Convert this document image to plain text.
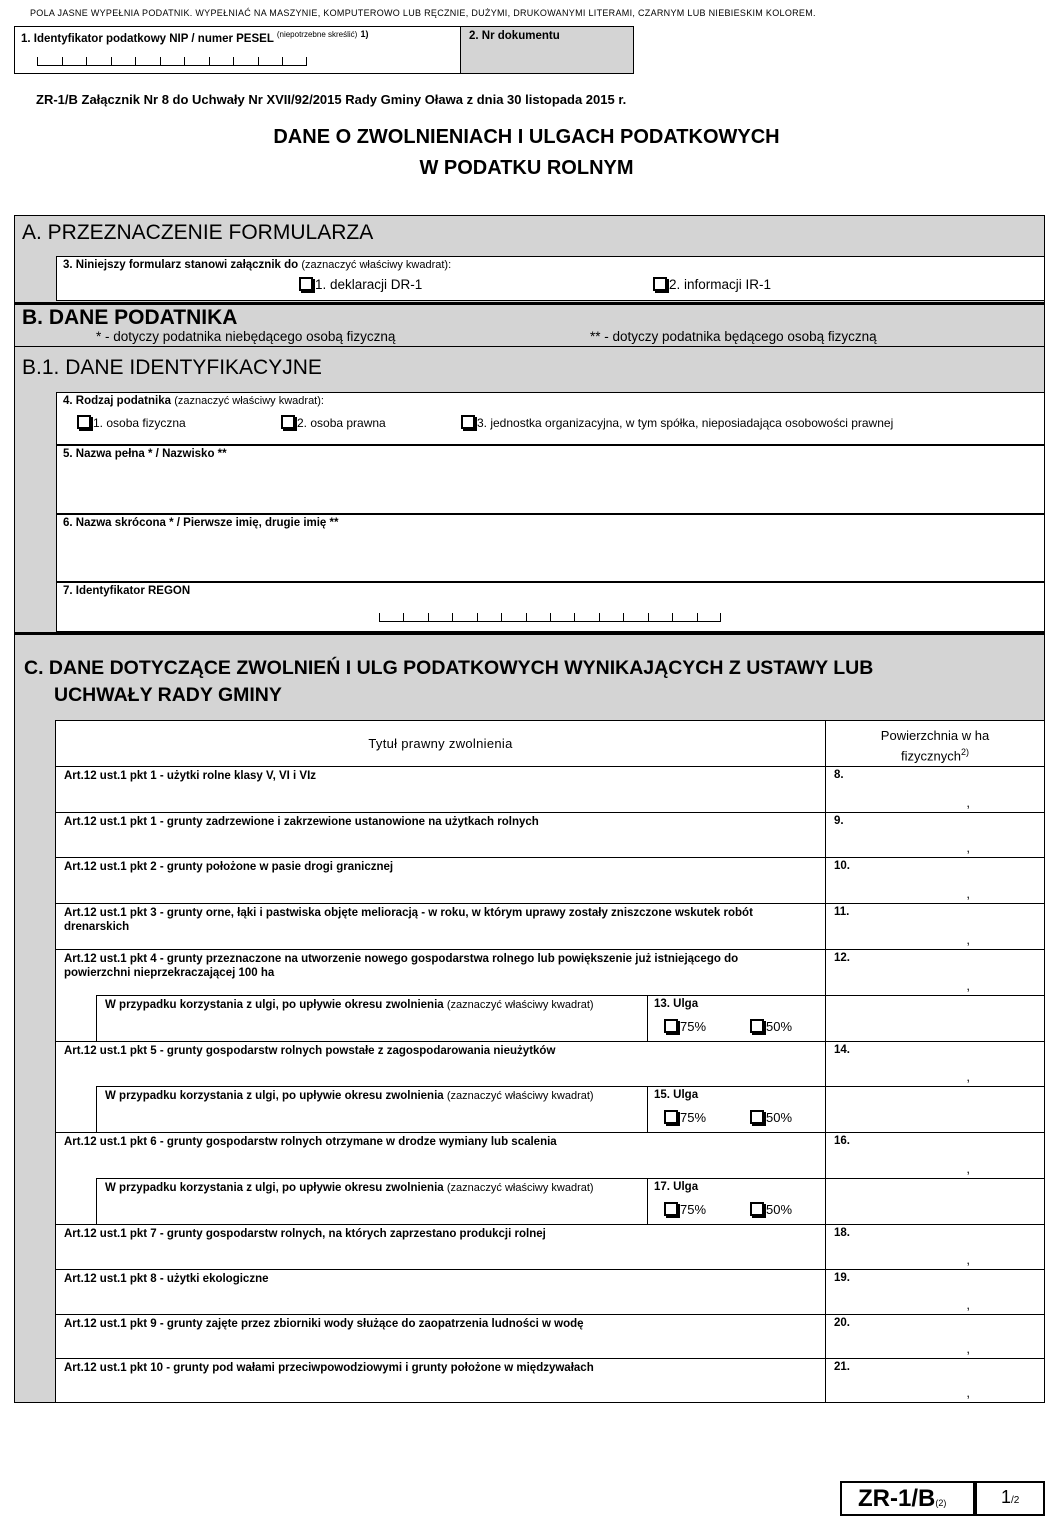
POLA JASNE WYPEŁNIA PODATNIK. WYPEŁNIAĆ NA MASZYNIE, KOMPUTEROWO LUB RĘCZNIE, DUŻYMI, DRUKOWANYMI LITERAMI, CZARNYM LUB NIEBIESKIM KOLOREM.
1. Identyfikator podatkowy NIP / numer PESEL $^{(niepotrzebne skreślić)}$ $^{1)}$	2. Nr dokumentu
ZR-1/B Załącznik Nr 8 do Uchwały Nr XVII/92/2015 Rady Gminy Oława z dnia 30 listopada 2015 r.
DANE O ZWOLNIENIACH I ULGACH PODATKOWYCH
W PODATKU ROLNYM
A. PRZEZNACZENIE FORMULARZA
3. Niniejszy formularz stanowi załącznik do (zaznaczyć właściwy kwadrat):
1. deklaracji DR-1	2. informacji IR-1
B. DANE PODATNIKA
* - dotyczy podatnika niebędącego osobą fizyczną	** - dotyczy podatnika będącego osobą fizyczną
B.1. DANE IDENTYFIKACYJNE
4. Rodzaj podatnika (zaznaczyć właściwy kwadrat):
1. osoba fizyczna	2. osoba prawna	3. jednostka organizacyjna, w tym spółka, nieposiadająca osobowości prawnej
5. Nazwa pełna * / Nazwisko **
6. Nazwa skrócona * / Pierwsze imię, drugie imię **
7. Identyfikator REGON
C. DANE DOTYCZĄCE ZWOLNIEŃ I ULG PODATKOWYCH WYNIKAJĄCYCH Z USTAWY LUB
UCHWAŁY RADY GMINY
Tytuł prawny zwolnienia
Powierzchnia w ha
fizycznych$^{2)}$
Art.12 ust.1 pkt 1 - użytki rolne klasy V, VI i VIz	8.
,
Art.12 ust.1 pkt 1 - grunty zadrzewione i zakrzewione ustanowione na użytkach rolnych	9.
,
Art.12 ust.1 pkt 2 - grunty położone w pasie drogi granicznej	10.
,
Art.12 ust.1 pkt 3 - grunty orne, łąki i pastwiska objęte melioracją - w roku, w którym uprawy zostały zniszczone wskutek robót drenarskich
11.
,
Art.12 ust.1 pkt 4 - grunty przeznaczone na utworzenie nowego gospodarstwa rolnego lub powiększenie już istniejącego do powierzchni nieprzekraczającej 100 ha
12.
,
W przypadku korzystania z ulgi, po upływie okresu zwolnienia (zaznaczyć właściwy kwadrat)	13. Ulga
75%	50%
Art.12 ust.1 pkt 5 - grunty gospodarstw rolnych powstałe z zagospodarowania nieużytków	14.
,
W przypadku korzystania z ulgi, po upływie okresu zwolnienia (zaznaczyć właściwy kwadrat)	15. Ulga
75%	50%
Art.12 ust.1 pkt 6 - grunty gospodarstw rolnych otrzymane w drodze wymiany lub scalenia	16.
,
W przypadku korzystania z ulgi, po upływie okresu zwolnienia (zaznaczyć właściwy kwadrat)	17. Ulga
75%	50%
Art.12 ust.1 pkt 7 - grunty gospodarstw rolnych, na których zaprzestano produkcji rolnej	18.
,
Art.12 ust.1 pkt 8 - użytki ekologiczne	19.
,
Art.12 ust.1 pkt 9 - grunty zajęte przez zbiorniki wody służące do zaopatrzenia ludności w wodę	20.
,
Art.12 ust.1 pkt 10 - grunty pod wałami przeciwpowodziowymi i grunty położone w międzywałach	21.
,
ZR-1/B(2)	1/2
